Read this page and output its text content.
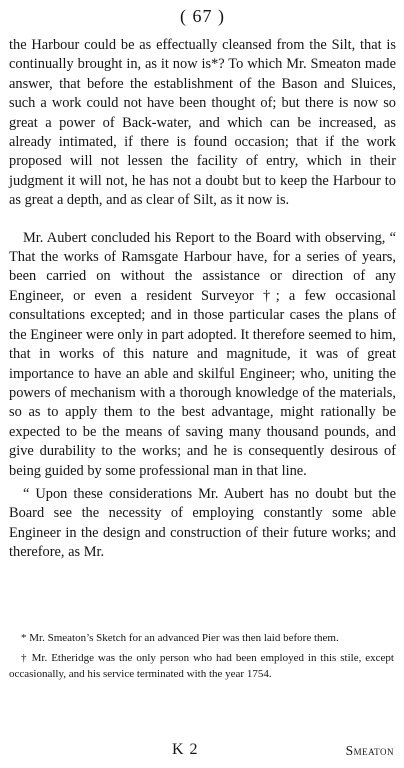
( 67 )

the Harbour could be as effectually cleansed from the Silt, that is continually brought in, as it now is*? To which Mr. Smeaton made answer, that before the establishment of the Bason and Sluices, such a work could not have been thought of; but there is now so great a power of Back-water, and which can be increased, as already intimated, if there is found occasion; that if the work proposed will not lessen the facility of entry, which in their judgment it will not, he has not a doubt but to keep the Harbour to as great a depth, and as clear of Silt, as it now is.

Mr. Aubert concluded his Report to the Board with observing, “ That the works of Ramsgate Harbour have, for a series of years, been carried on without the assistance or direction of any Engineer, or even a resident Surveyor †; a few occasional consultations excepted; and in those particular cases the plans of the Engineer were only in part adopted. It therefore seemed to him, that in works of this nature and magnitude, it was of great importance to have an able and skilful Engineer; who, uniting the powers of mechanism with a thorough knowledge of the materials, so as to apply them to the best advantage, might rationally be expected to be the means of saving many thousand pounds, and give durability to the works; and he is consequently desirous of being guided by some professional man in that line.

“ Upon these considerations Mr. Aubert has no doubt but the Board see the necessity of employing constantly some able Engineer in the design and construction of their future works; and therefore, as Mr.

* Mr. Smeaton’s Sketch for an advanced Pier was then laid before them.

† Mr. Etheridge was the only person who had been employed in this stile, except occasionally, and his service terminated with the year 1754.

K 2	Smeaton
